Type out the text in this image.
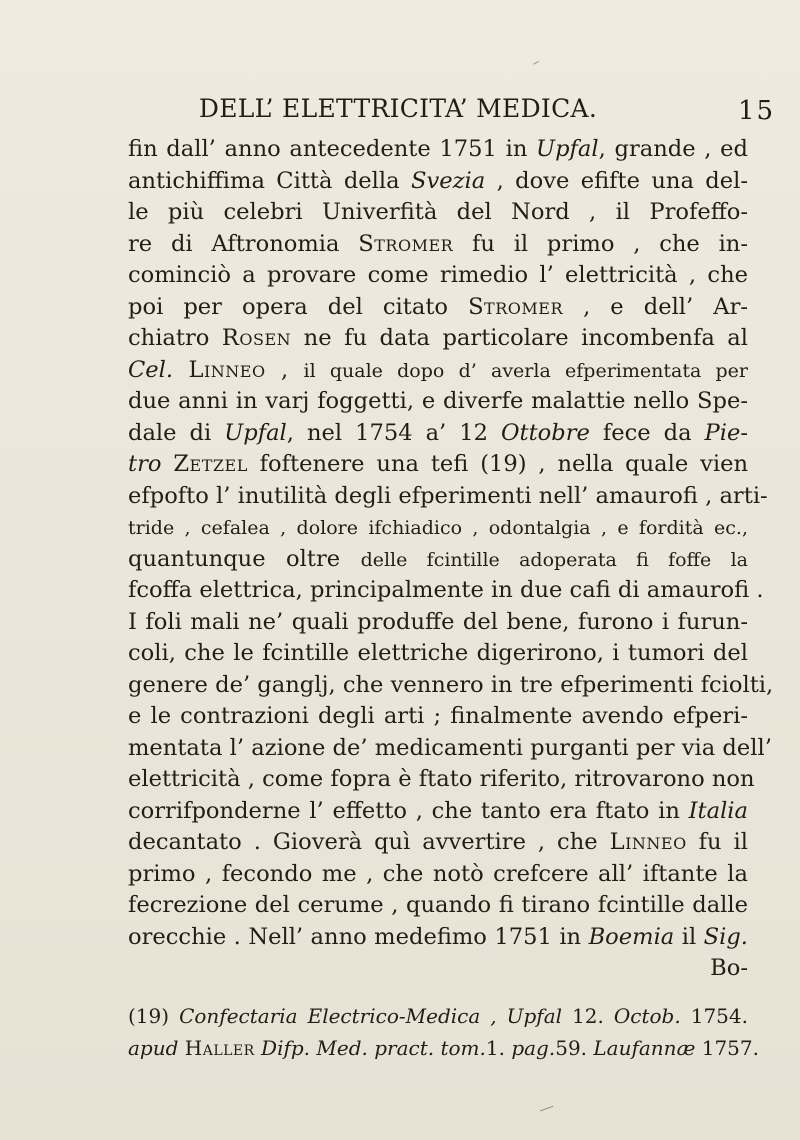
DELL’ ELETTRICITA’ MEDICA.	15
fin dall’ anno antecedente 1751 in Upfal, grande , ed
antichiffima Città della Svezia , dove efifte una del-
le più celebri Univerfità del Nord , il Profeffo-
re di Aftronomia Stromer fu il primo , che in-
cominciò a provare come rimedio l’ elettricità , che
poi per opera del citato Stromer , e dell’ Ar-
chiatro Rosen ne fu data particolare incombenfa al
Cel. Linneo , il quale dopo d’ averla efperimentata per
due anni in varj foggetti, e diverfe malattie nello Spe-
dale di Upfal, nel 1754 a’ 12 Ottobre fece da Pie-
tro Zetzel foftenere una tefi (19) , nella quale vien
efpofto l’ inutilità degli efperimenti nell’ amaurofi , arti-
tride , cefalea , dolore ifchiadico , odontalgia , e fordità ec.,
quantunque oltre delle fcintille adoperata fi foffe la
fcoffa elettrica, principalmente in due cafi di amaurofi .
I foli mali ne’ quali produffe del bene, furono i furun-
coli, che le fcintille elettriche digerirono, i tumori del
genere de’ ganglj, che vennero in tre efperimenti fciolti,
e le contrazioni degli arti ; finalmente avendo efperi-
mentata l’ azione de’ medicamenti purganti per via dell’
elettricità , come fopra è ftato riferito, ritrovarono non
corrifponderne l’ effetto , che tanto era ftato in Italia
decantato . Gioverà quì avvertire , che Linneo fu il
primo , fecondo me , che notò crefcere all’ iftante la
fecrezione del cerume , quando fi tirano fcintille dalle
orecchie . Nell’ anno medefimo 1751 in Boemia il Sig.
Bo-
(19) Confectaria Electrico-Medica , Upfal 12. Octob. 1754.
apud Haller Difp. Med. pract. tom.1. pag.59. Laufannæ 1757.
